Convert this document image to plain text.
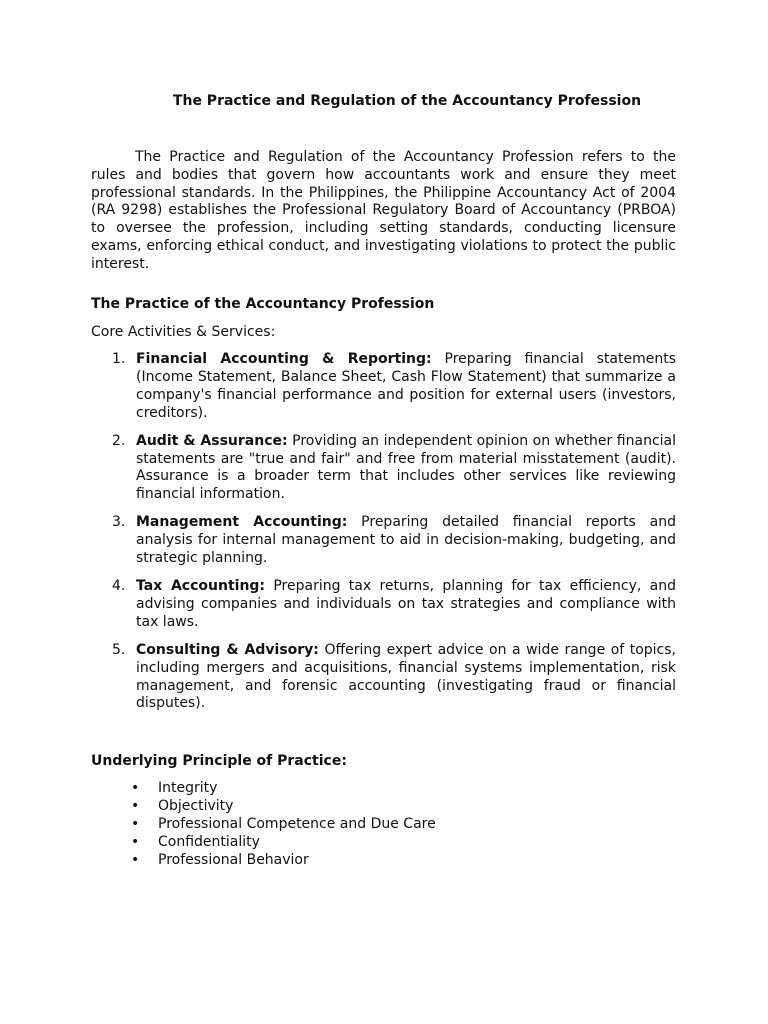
The Practice and Regulation of the Accountancy Profession

The Practice and Regulation of the Accountancy Profession refers to the rules and bodies that govern how accountants work and ensure they meet professional standards. In the Philippines, the Philippine Accountancy Act of 2004 (RA 9298) establishes the Professional Regulatory Board of Accountancy (PRBOA) to oversee the profession, including setting standards, conducting licensure exams, enforcing ethical conduct, and investigating violations to protect the public interest.

The Practice of the Accountancy Profession

Core Activities & Services:

1. Financial Accounting & Reporting: Preparing financial statements (Income Statement, Balance Sheet, Cash Flow Statement) that summarize a company's financial performance and position for external users (investors, creditors).
2. Audit & Assurance: Providing an independent opinion on whether financial statements are "true and fair" and free from material misstatement (audit). Assurance is a broader term that includes other services like reviewing financial information.
3. Management Accounting: Preparing detailed financial reports and analysis for internal management to aid in decision-making, budgeting, and strategic planning.
4. Tax Accounting: Preparing tax returns, planning for tax efficiency, and advising companies and individuals on tax strategies and compliance with tax laws.
5. Consulting & Advisory: Offering expert advice on a wide range of topics, including mergers and acquisitions, financial systems implementation, risk management, and forensic accounting (investigating fraud or financial disputes).
Underlying Principle of Practice:
• Integrity
• Objectivity
• Professional Competence and Due Care
• Confidentiality
• Professional Behavior
